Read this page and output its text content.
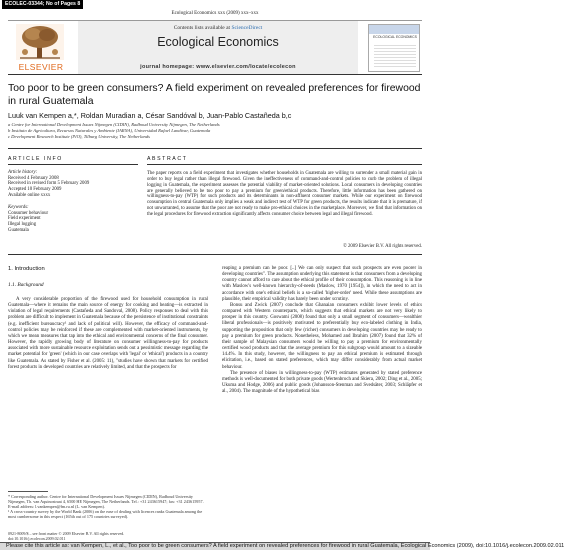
ECOLEC-03344; No of Pages 8
Ecological Economics xxx (2009) xxx–xxx
ELSEVIER
Contents lists available at ScienceDirect
Ecological Economics
journal homepage: www.elsevier.com/locate/ecolecon
ECOLOGICAL ECONOMICS
Too poor to be green consumers? A field experiment on revealed preferences for firewood in rural Guatemala
Luuk van Kempen a,*, Roldan Muradian a, César Sandóval b, Juan-Pablo Castañeda b,c
a Centre for International Development Issues Nijmegen (CIDIN), Radboud University Nijmegen, The Netherlands
b Instituto de Agricultura, Recursos Naturales y Ambiente (IARNA), Universidad Rafael Landívar, Guatemala
c Development Research Institute (IVO), Tilburg University, The Netherlands
ARTICLE INFO	ABSTRACT
Article history:
Received 4 February 2008
Received in revised form 5 February 2009
Accepted 10 February 2009
Available online xxxx
Keywords:
Consumer behaviour
Field experiment
Illegal logging
Guatemala
The paper reports on a field experiment that investigates whether households in Guatemala are willing to surrender a small material gain in order to buy legal rather than illegal firewood. Given the ineffectiveness of command-and-control policies to curb the problem of illegal logging in Guatemala, the experiment assesses the potential viability of market-oriented solutions. Local consumers in developing countries are generally believed to be too poor to pay a premium for green/ethical products. Therefore, little information has been gathered on willingness-to-pay (WTP) for such products and its determinants in non-affluent consumer markets. While our experiment on firewood consumption in central Guatemala only implies a weak and indirect test of WTP for green products, the results indicate that it is premature, if not unwarranted, to assume that the poor are not ready to make pro-ethical choices in the marketplace. Moreover, we find that information on the legal procedures for firewood extraction significantly affects consumer choice between legal and illegal firewood.
© 2009 Elsevier B.V. All rights reserved.
1. Introduction
1.1. Background

A very considerable proportion of the firewood used for household consumption in rural Guatemala—where it remains the main source of energy for cooking and heating—is extracted in violation of legal requirements (Castañeda and Sandoval, 2008). Policy responses to deal with this problem are difficult to implement in Guatemala because of the persistence of institutional constraints (e.g. inefficient bureaucracy¹ and lack of political will). However, the efficacy of command-and-control policies may be reinforced if these are complemented with market-oriented instruments, by which we mean measures that tap into the ethical and environmental concerns of the final consumer. However, the rapidly growing body of literature on consumer willingness-to-pay for products associated with more sustainable resource exploitation sends out a pessimistic message regarding the market potential for 'green' (which in our case overlaps with 'legal' or 'ethical') products in a country like Guatemala. As stated by Fisher et al. (2005: 11), "studies have shown that markets for certified forest products in developed countries are relatively limited, and that the prospects for

reaping a premium can be poor. [..] We can only suspect that such prospects are even poorer in developing countries". The assumption underlying this statement is that consumers from a developing country cannot afford to care about the ethical profile of their consumption. This reasoning is in line with Maslow's well-known hierarchy-of-needs (Maslow, 1970 [1954]), in which the need to act in accordance with one's ethical beliefs is a so-called 'higher-order' need. While these assumptions are plausible, their empirical validity has barely been under scrutiny.

Bonsu and Zwick (2007) conclude that Ghanaian consumers exhibit lower levels of ethics compared with Western counterparts, which suggests that ethical markets are not very likely to prosper in this country. Goswami (2008) found that only a small segment of consumers—wealthier liberal professionals—is positively motivated to preferentially buy eco-labeled clothing in India, supporting the proposition that only few (richer) consumers in developing countries may be ready to pay a premium for green products. Nonetheless, Mohamed and Ibrahim (2007) found that 32% of their sample of Malaysian consumers would be willing to pay a premium for environmentally certified wood products and that the average premium for this subgroup would amount to a sizeable 14.4%. In this study, however, the willingness to pay an ethical premium is estimated through elicitation, i.e., based on stated preferences, which may differ considerably from actual market behaviour.

The presence of biases in willingness-to-pay (WTP) estimates generated by stated preference methods is well-documented for both private goods (Wertenbroch and Skiera, 2002; Ding et al., 2005; Ukuma and Hodge, 2006) and public goods (Johansson-Stenman and Svedsäter, 2003; Schläpfer et al., 2004). The magnitude of the hypothetical bias

* Corresponding author. Centre for International Development Issues Nijmegen (CIDIN), Radboud University Nijmegen, Th. van Aquinostraat 4, 6500 HE Nijmegen, The Netherlands. Tel.: +31 243615947; fax: +31 243615957.
E-mail address: l.vankempen@fm.ru.nl (L. van Kempen).
¹ A cross-country survey by the World Bank (2006) on the ease of dealing with licences ranks Guatemala among the most cumbersome in this respect (165th out of 175 countries surveyed).
0921-8009/$ – see front matter © 2009 Elsevier B.V. All rights reserved.
doi:10.1016/j.ecolecon.2009.02.011
Please cite this article as: van Kempen, L., et al., Too poor to be green consumers? A field experiment on revealed preferences for firewood in rural Guatemala, Ecological Economics (2009), doi:10.1016/j.ecolecon.2009.02.011
